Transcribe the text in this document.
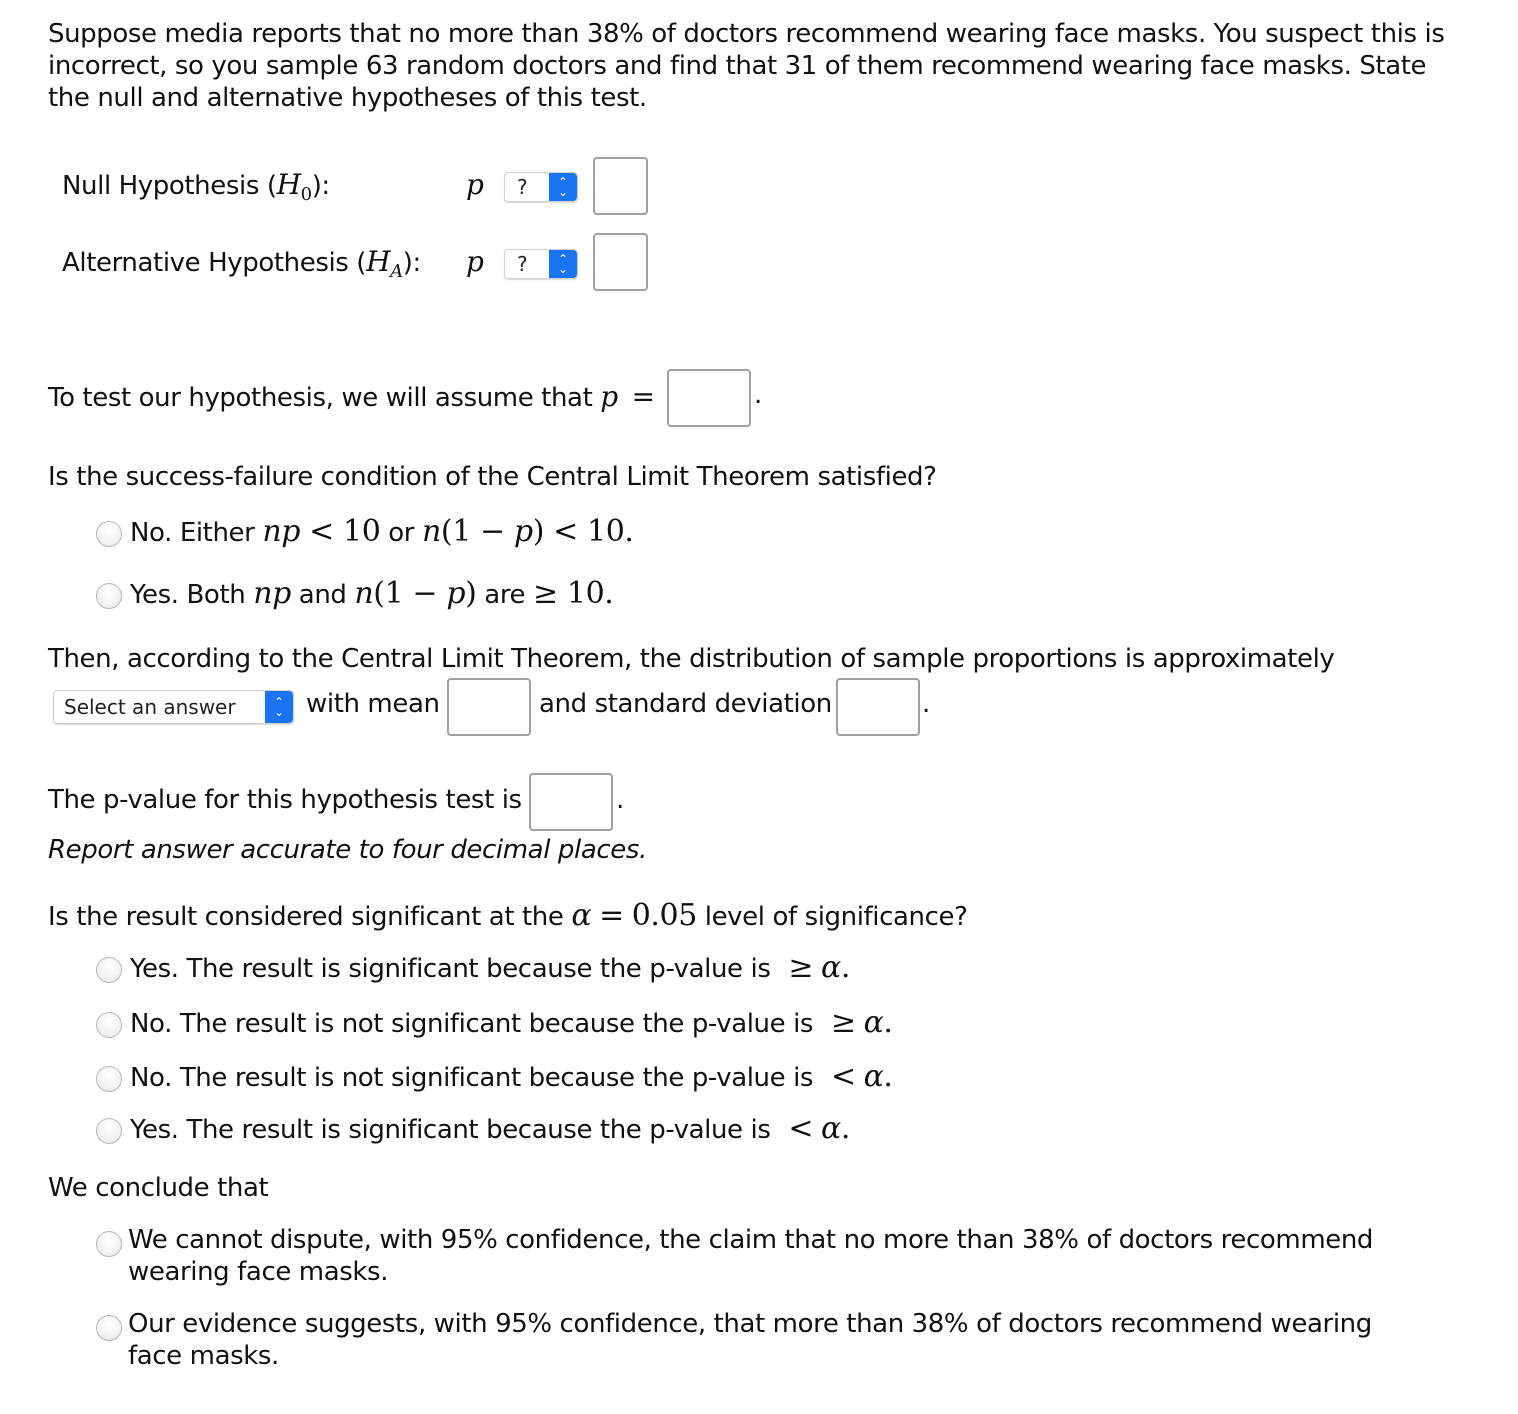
Suppose media reports that no more than 38% of doctors recommend wearing face masks. You suspect this is incorrect, so you sample 63 random doctors and find that 31 of them recommend wearing face masks. State the null and alternative hypotheses of this test.
Null Hypothesis $(H_0)$:	p ?	⌃
⌄
Alternative Hypothesis $(H_A)$: p ?	⌃
⌄
To test our hypothesis, we will assume that p =	.
Is the success-failure condition of the Central Limit Theorem satisfied?
No. Either np < 10 or n(1 − p) < 10.
Yes. Both np and n(1 − p) are ≥ 10.
Then, according to the Central Limit Theorem, the distribution of sample proportions is approximately
Select an answer	⌃
⌄ with mean	and standard deviation	.
The p-value for this hypothesis test is	.
Report answer accurate to four decimal places.
Is the result considered significant at the α = 0.05 level of significance?
Yes. The result is significant because the p-value is ≥ α.
No. The result is not significant because the p-value is ≥ α.
No. The result is not significant because the p-value is < α.
Yes. The result is significant because the p-value is < α.
We conclude that
We cannot dispute, with 95% confidence, the claim that no more than 38% of doctors recommend wearing face masks.
Our evidence suggests, with 95% confidence, that more than 38% of doctors recommend wearing face masks.
